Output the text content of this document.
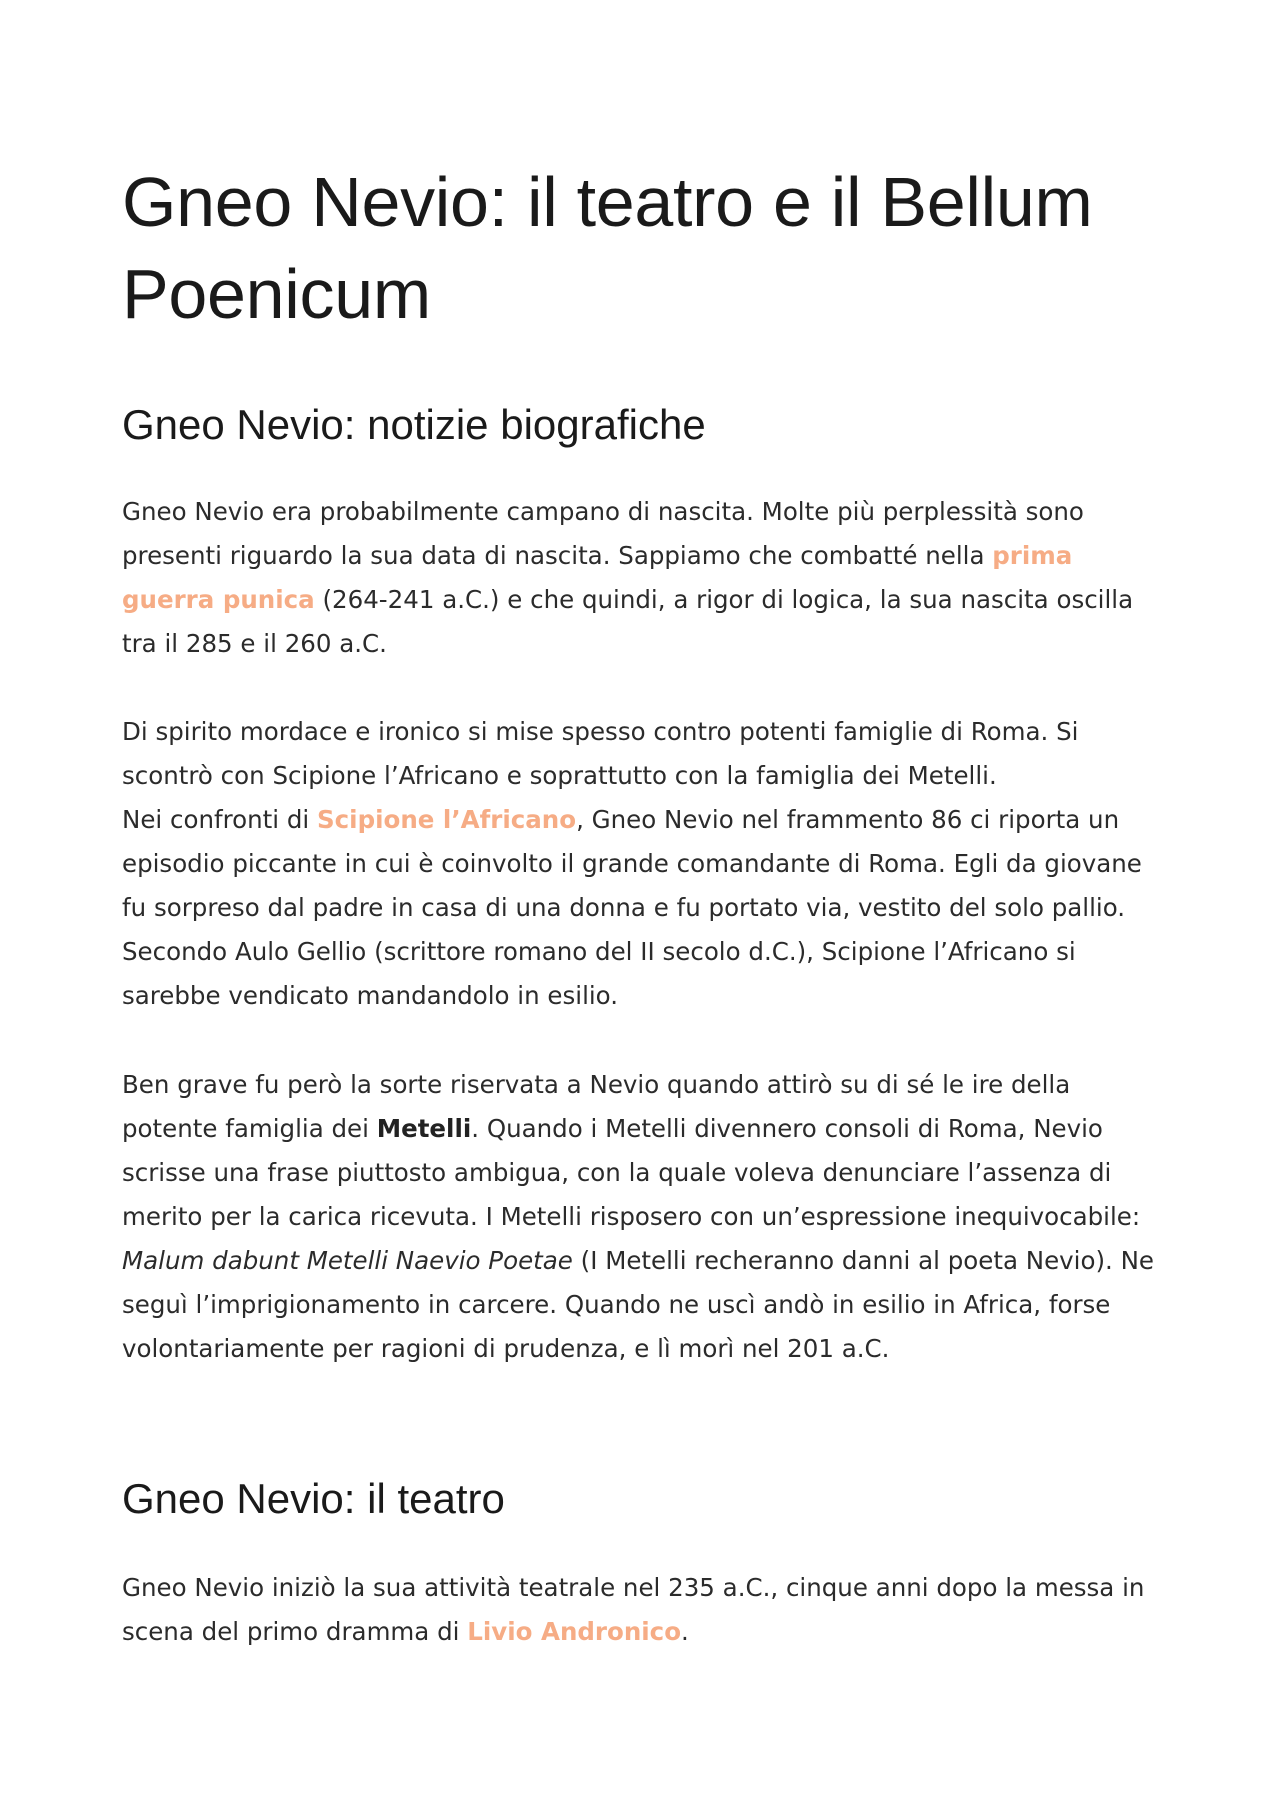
Gneo Nevio: il teatro e il Bellum Poenicum
Gneo Nevio: notizie biografiche

Gneo Nevio era probabilmente campano di nascita. Molte più perplessità sono presenti riguardo la sua data di nascita. Sappiamo che combatté nella prima guerra punica (264-241 a.C.) e che quindi, a rigor di logica, la sua nascita oscilla tra il 285 e il 260 a.C.

Di spirito mordace e ironico si mise spesso contro potenti famiglie di Roma. Si scontrò con Scipione l’Africano e soprattutto con la famiglia dei Metelli.
Nei confronti di Scipione l’Africano, Gneo Nevio nel frammento 86 ci riporta un episodio piccante in cui è coinvolto il grande comandante di Roma. Egli da giovane fu sorpreso dal padre in casa di una donna e fu portato via, vestito del solo pallio. Secondo Aulo Gellio (scrittore romano del II secolo d.C.), Scipione l’Africano si sarebbe vendicato mandandolo in esilio.

Ben grave fu però la sorte riservata a Nevio quando attirò su di sé le ire della potente famiglia dei Metelli. Quando i Metelli divennero consoli di Roma, Nevio scrisse una frase piuttosto ambigua, con la quale voleva denunciare l’assenza di merito per la carica ricevuta. I Metelli risposero con un’espressione inequivocabile: Malum dabunt Metelli Naevio Poetae (I Metelli recheranno danni al poeta Nevio). Ne seguì l’imprigionamento in carcere. Quando ne uscì andò in esilio in Africa, forse volontariamente per ragioni di prudenza, e lì morì nel 201 a.C.

Gneo Nevio: il teatro

Gneo Nevio iniziò la sua attività teatrale nel 235 a.C., cinque anni dopo la messa in scena del primo dramma di Livio Andronico.
